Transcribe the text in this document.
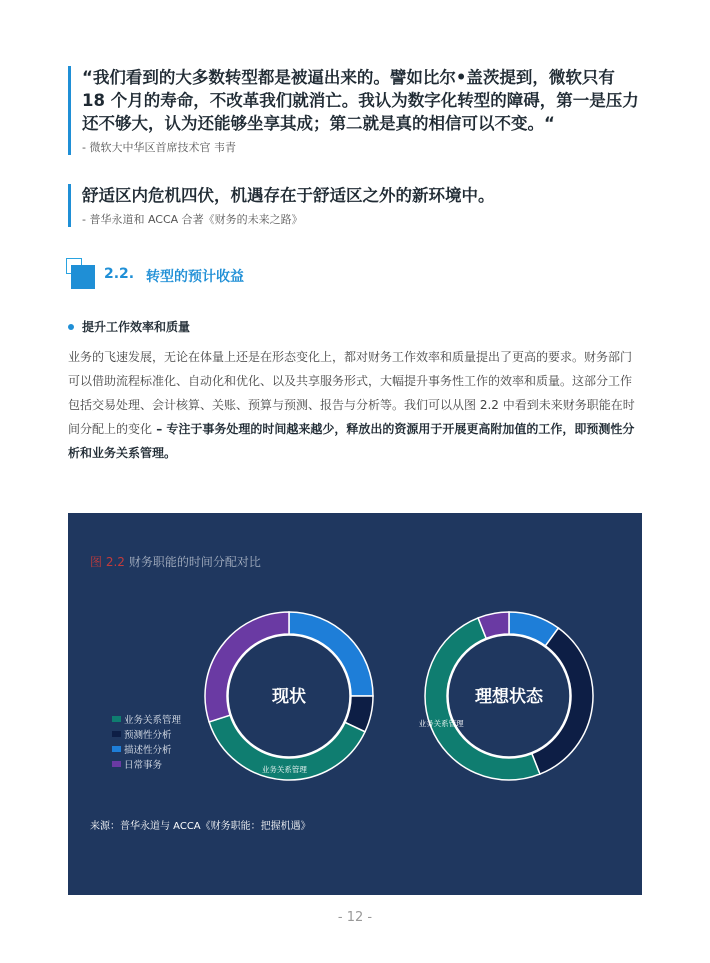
“我们看到的大多数转型都是被逼出来的。譬如比尔•盖茨提到，微软只有 18 个月的寿命，不改革我们就消亡。我认为数字化转型的障碍，第一是压力还不够大，认为还能够坐享其成；第二就是真的相信可以不变。“
- 微软大中华区首席技术官 韦青
舒适区内危机四伏，机遇存在于舒适区之外的新环境中。
- 普华永道和 ACCA 合著《财务的未来之路》
2.2. 转型的预计收益
提升工作效率和质量
业务的飞速发展，无论在体量上还是在形态变化上，都对财务工作效率和质量提出了更高的要求。财务部门可以借助流程标准化、自动化和优化、以及共享服务形式，大幅提升事务性工作的效率和质量。这部分工作包括交易处理、会计核算、关账、预算与预测、报告与分析等。我们可以从图 2.2 中看到未来财务职能在时间分配上的变化 – 专注于事务处理的时间越来越少，释放出的资源用于开展更高附加值的工作，即预测性分析和业务关系管理。
图 2.2 财务职能的时间分配对比
现状
业务关系管理
理想状态
业务关系管理
业务关系管理
预测性分析
描述性分析
日常事务
来源：普华永道与 ACCA《财务职能：把握机遇》
- 12 -
